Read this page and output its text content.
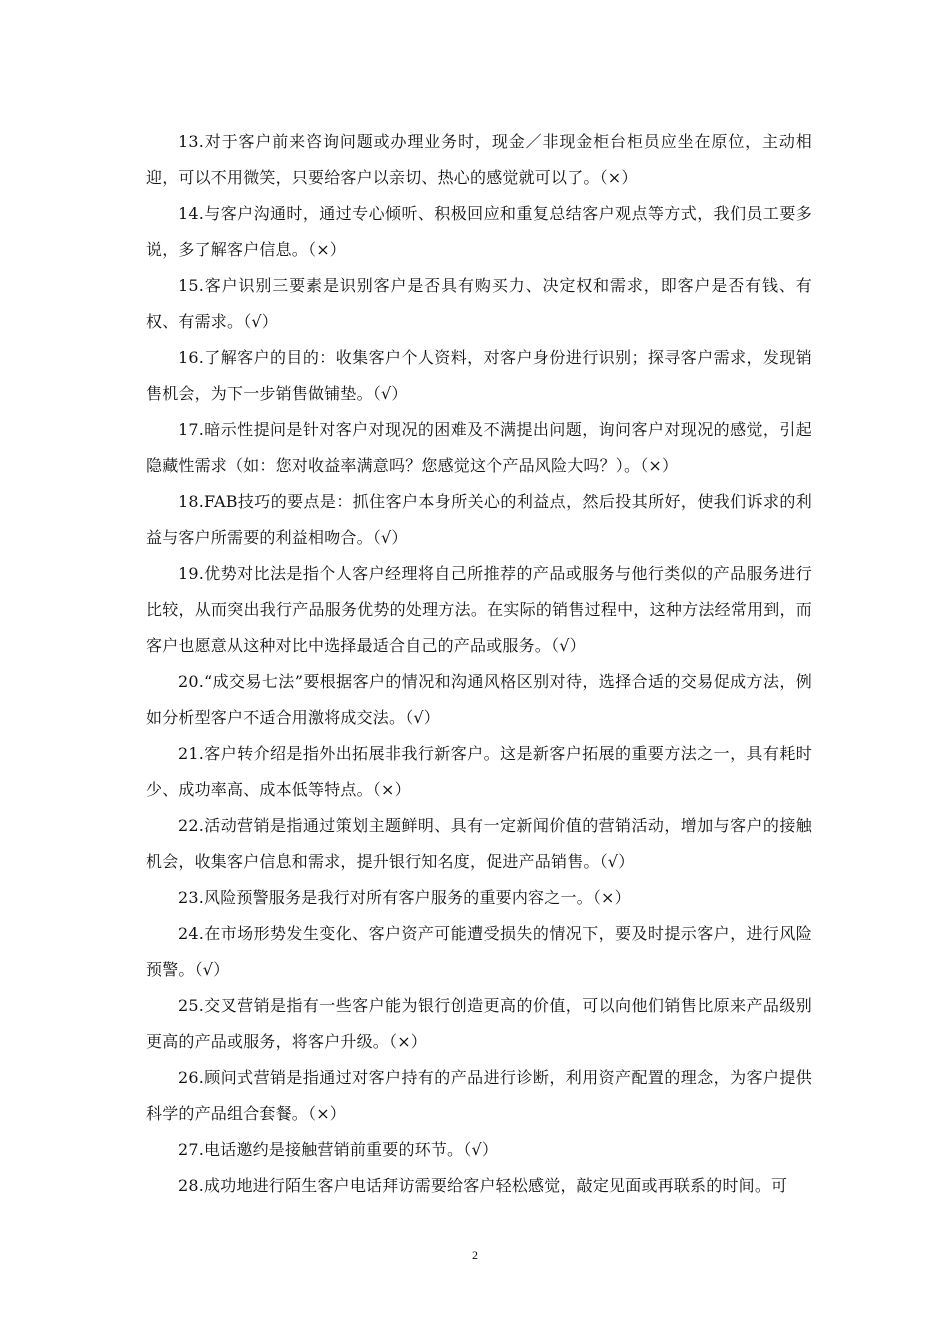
13.对于客户前来咨询问题或办理业务时，现金／非现金柜台柜员应坐在原位，主动相迎，可以不用微笑，只要给客户以亲切、热心的感觉就可以了。（×）

14.与客户沟通时，通过专心倾听、积极回应和重复总结客户观点等方式，我们员工要多说，多了解客户信息。（×）

15.客户识别三要素是识别客户是否具有购买力、决定权和需求，即客户是否有钱、有权、有需求。（√）

16.了解客户的目的：收集客户个人资料，对客户身份进行识别；探寻客户需求，发现销售机会，为下一步销售做铺垫。（√）

17.暗示性提问是针对客户对现况的困难及不满提出问题，询问客户对现况的感觉，引起隐藏性需求（如：您对收益率满意吗？您感觉这个产品风险大吗？）。（×）

18.FAB技巧的要点是：抓住客户本身所关心的利益点，然后投其所好，使我们诉求的利益与客户所需要的利益相吻合。（√）

19.优势对比法是指个人客户经理将自己所推荐的产品或服务与他行类似的产品服务进行比较，从而突出我行产品服务优势的处理方法。在实际的销售过程中，这种方法经常用到，而客户也愿意从这种对比中选择最适合自己的产品或服务。（√）

20.“成交易七法”要根据客户的情况和沟通风格区别对待，选择合适的交易促成方法，例如分析型客户不适合用激将成交法。（√）

21.客户转介绍是指外出拓展非我行新客户。这是新客户拓展的重要方法之一，具有耗时少、成功率高、成本低等特点。（×）

22.活动营销是指通过策划主题鲜明、具有一定新闻价值的营销活动，增加与客户的接触机会，收集客户信息和需求，提升银行知名度，促进产品销售。（√）

23.风险预警服务是我行对所有客户服务的重要内容之一。（×）

24.在市场形势发生变化、客户资产可能遭受损失的情况下，要及时提示客户，进行风险预警。（√）

25.交叉营销是指有一些客户能为银行创造更高的价值，可以向他们销售比原来产品级别更高的产品或服务，将客户升级。（×）

26.顾问式营销是指通过对客户持有的产品进行诊断，利用资产配置的理念，为客户提供科学的产品组合套餐。（×）

27.电话邀约是接触营销前重要的环节。（√）

28.成功地进行陌生客户电话拜访需要给客户轻松感觉，敲定见面或再联系的时间。可

2
